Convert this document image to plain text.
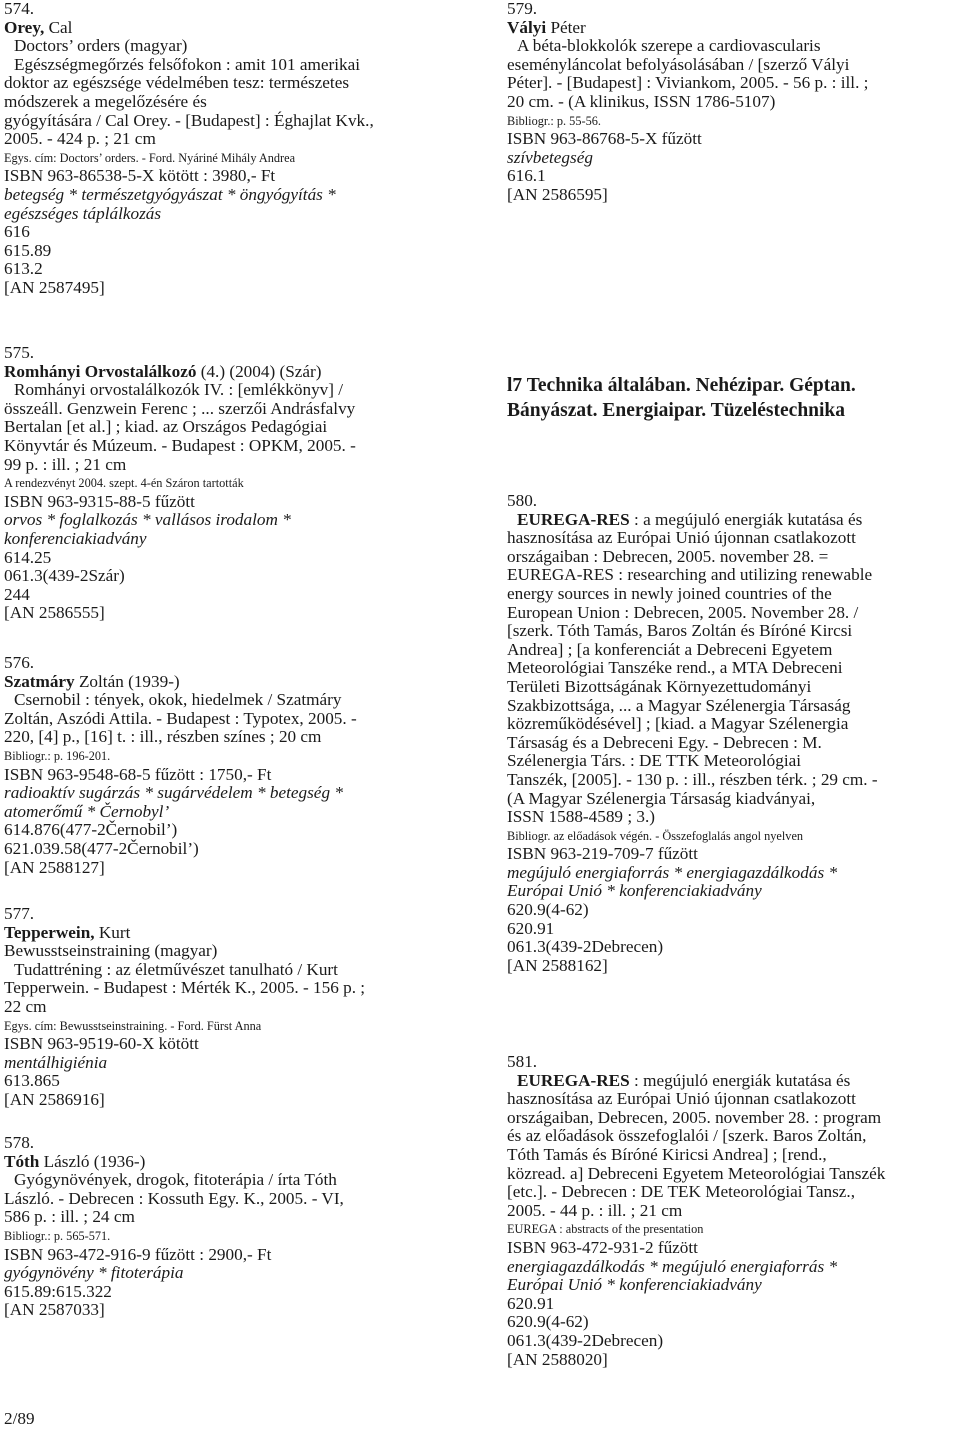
574.
Orey, Cal
Doctors’ orders (magyar)
Egészségmegőrzés felsőfokon : amit 101 amerikai
doktor az egészsége védelmében tesz: természetes
módszerek a megelőzésére és
gyógyítására / Cal Orey. - [Budapest] : Éghajlat Kvk.,
2005. - 424 p. ; 21 cm
Egys. cím: Doctors’ orders. - Ford. Nyáriné Mihály Andrea
ISBN 963-86538-5-X kötött : 3980,- Ft
betegség * természetgyógyászat * öngyógyítás *
egészséges táplálkozás
616
615.89
613.2
[AN 2587495]
575.
Romhányi Orvostalálkozó (4.) (2004) (Szár)
Romhányi orvostalálkozók IV. : [emlékkönyv] /
összeáll. Genzwein Ferenc ; ... szerzői Andrásfalvy
Bertalan [et al.] ; kiad. az Országos Pedagógiai
Könyvtár és Múzeum. - Budapest : OPKM, 2005. -
99 p. : ill. ; 21 cm
A rendezvényt 2004. szept. 4-én Száron tartották
ISBN 963-9315-88-5 fűzött
orvos * foglalkozás * vallásos irodalom *
konferenciakiadvány
614.25
061.3(439-2Szár)
244
[AN 2586555]
576.
Szatmáry Zoltán (1939-)
Csernobil : tények, okok, hiedelmek / Szatmáry
Zoltán, Aszódi Attila. - Budapest : Typotex, 2005. -
220, [4] p., [16] t. : ill., részben színes ; 20 cm
Bibliogr.: p. 196-201.
ISBN 963-9548-68-5 fűzött : 1750,- Ft
radioaktív sugárzás * sugárvédelem * betegség *
atomerőmű * Černobyl’
614.876(477-2Černobil’)
621.039.58(477-2Černobil’)
[AN 2588127]
577.
Tepperwein, Kurt
Bewusstseinstraining (magyar)
Tudattréning : az életművészet tanulható / Kurt
Tepperwein. - Budapest : Mérték K., 2005. - 156 p. ;
22 cm
Egys. cím: Bewusstseinstraining. - Ford. Fürst Anna
ISBN 963-9519-60-X kötött
mentálhigiénia
613.865
[AN 2586916]
578.
Tóth László (1936-)
Gyógynövények, drogok, fitoterápia / írta Tóth
László. - Debrecen : Kossuth Egy. K., 2005. - VI,
586 p. : ill. ; 24 cm
Bibliogr.: p. 565-571.
ISBN 963-472-916-9 fűzött : 2900,- Ft
gyógynövény * fitoterápia
615.89:615.322
[AN 2587033]
579.
Vályi Péter
A béta-blokkolók szerepe a cardiovascularis
eseményláncolat befolyásolásában / [szerző Vályi
Péter]. - [Budapest] : Viviankom, 2005. - 56 p. : ill. ;
20 cm. - (A klinikus, ISSN 1786-5107)
Bibliogr.: p. 55-56.
ISBN 963-86768-5-X fűzött
szívbetegség
616.1
[AN 2586595]
580.
EUREGA-RES : a megújuló energiák kutatása és
hasznosítása az Európai Unió újonnan csatlakozott
országaiban : Debrecen, 2005. november 28. =
EUREGA-RES : researching and utilizing renewable
energy sources in newly joined countries of the
European Union : Debrecen, 2005. November 28. /
[szerk. Tóth Tamás, Baros Zoltán és Bíróné Kircsi
Andrea] ; [a konferenciát a Debreceni Egyetem
Meteorológiai Tanszéke rend., a MTA Debreceni
Területi Bizottságának Környezettudományi
Szakbizottsága, ... a Magyar Szélenergia Társaság
közreműködésével] ; [kiad. a Magyar Szélenergia
Társaság és a Debreceni Egy. - Debrecen : M.
Szélenergia Társ. : DE TTK Meteorológiai
Tanszék, [2005]. - 130 p. : ill., részben térk. ; 29 cm. -
(A Magyar Szélenergia Társaság kiadványai,
ISSN 1588-4589 ; 3.)
Bibliogr. az előadások végén. - Összefoglalás angol nyelven
ISBN 963-219-709-7 fűzött
megújuló energiaforrás * energiagazdálkodás *
Európai Unió * konferenciakiadvány
620.9(4-62)
620.91
061.3(439-2Debrecen)
[AN 2588162]
581.
EUREGA-RES : megújuló energiák kutatása és
hasznosítása az Európai Unió újonnan csatlakozott
országaiban, Debrecen, 2005. november 28. : program
és az előadások összefoglalói / [szerk. Baros Zoltán,
Tóth Tamás és Bíróné Kiricsi Andrea] ; [rend.,
közread. a] Debreceni Egyetem Meteorológiai Tanszék
[etc.]. - Debrecen : DE TEK Meteorológiai Tansz.,
2005. - 44 p. : ill. ; 21 cm
EUREGA : abstracts of the presentation
ISBN 963-472-931-2 fűzött
energiagazdálkodás * megújuló energiaforrás *
Európai Unió * konferenciakiadvány
620.91
620.9(4-62)
061.3(439-2Debrecen)
[AN 2588020]
l7 Technika általában. Nehézipar. Géptan.
Bányászat. Energiaipar. Tüzeléstechnika
2/89
